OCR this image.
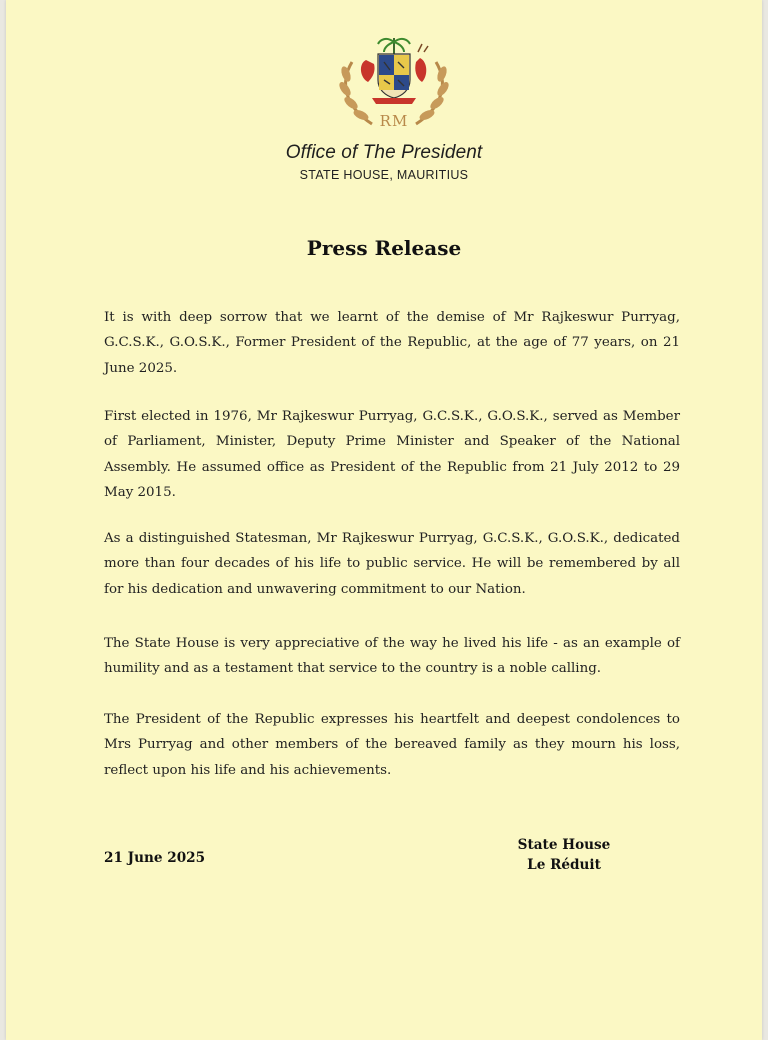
RM
Office of The President
STATE HOUSE, MAURITIUS
Press Release

It is with deep sorrow that we learnt of the demise of Mr Rajkeswur Purryag, G.C.S.K., G.O.S.K., Former President of the Republic, at the age of 77 years, on 21 June 2025.

First elected in 1976, Mr Rajkeswur Purryag, G.C.S.K., G.O.S.K., served as Member of Parliament, Minister, Deputy Prime Minister and Speaker of the National Assembly. He assumed office as President of the Republic from 21 July 2012 to 29 May 2015.

As a distinguished Statesman, Mr Rajkeswur Purryag, G.C.S.K., G.O.S.K., dedicated more than four decades of his life to public service. He will be remembered by all for his dedication and unwavering commitment to our Nation.

The State House is very appreciative of the way he lived his life - as an example of humility and as a testament that service to the country is a noble calling.

The President of the Republic expresses his heartfelt and deepest condolences to Mrs Purryag and other members of the bereaved family as they mourn his loss, reflect upon his life and his achievements.

21 June 2025
State House
Le Réduit
